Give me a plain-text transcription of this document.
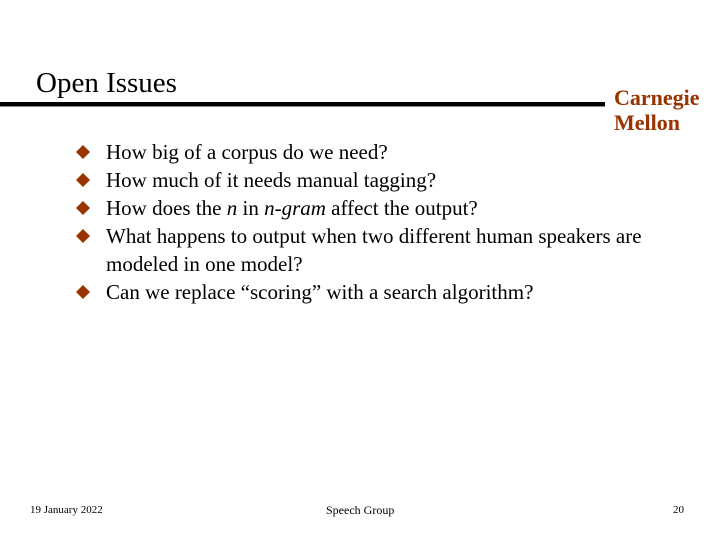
Open Issues	Carnegie
Mellon
How big of a corpus do we need?
How much of it needs manual tagging?
How does the n in n-gram affect the output?
What happens to output when two different human speakers are modeled in one model?
Can we replace “scoring” with a search algorithm?
19 January 2022	Speech Group	20
